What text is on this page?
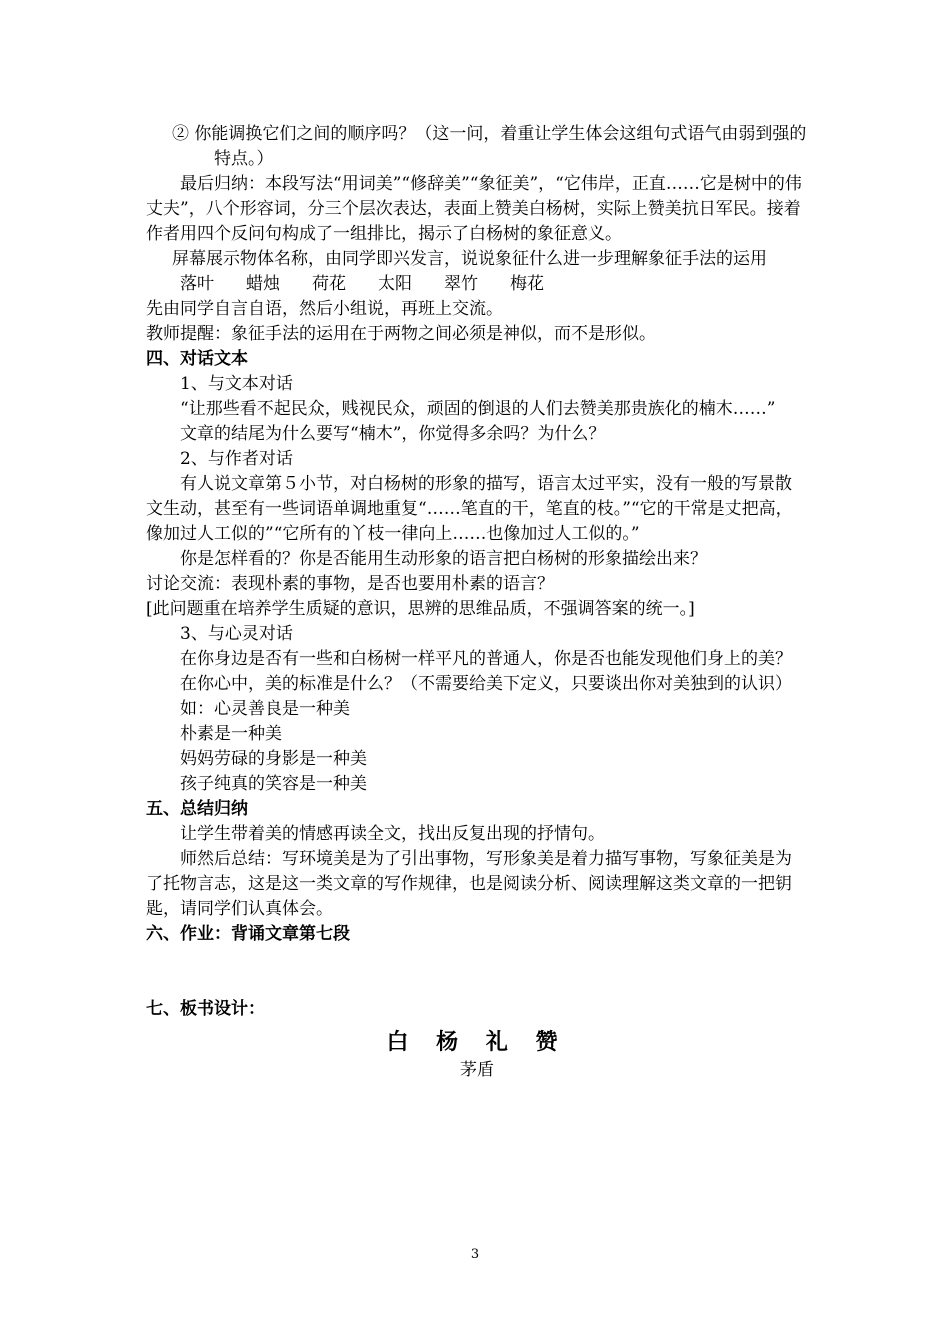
② 你能调换它们之间的顺序吗？（这一问，着重让学生体会这组句式语气由弱到强的特点。）

最后归纳：本段写法“用词美”“修辞美”“象征美”，“它伟岸，正直……它是树中的伟丈夫”，八个形容词，分三个层次表达，表面上赞美白杨树，实际上赞美抗日军民。接着作者用四个反问句构成了一组排比，揭示了白杨树的象征意义。

屏幕展示物体名称，由同学即兴发言，说说象征什么进一步理解象征手法的运用

落叶 蜡烛 荷花 太阳 翠竹 梅花

先由同学自言自语，然后小组说，再班上交流。

教师提醒：象征手法的运用在于两物之间必须是神似，而不是形似。

四、对话文本

1、与文本对话

“让那些看不起民众，贱视民众，顽固的倒退的人们去赞美那贵族化的楠木……”

文章的结尾为什么要写“楠木”，你觉得多余吗？为什么？

2、与作者对话

有人说文章第５小节，对白杨树的形象的描写，语言太过平实，没有一般的写景散文生动，甚至有一些词语单调地重复“……笔直的干，笔直的枝。”“它的干常是丈把高，像加过人工似的”“它所有的丫枝一律向上……也像加过人工似的。”

你是怎样看的？你是否能用生动形象的语言把白杨树的形象描绘出来？

讨论交流：表现朴素的事物，是否也要用朴素的语言？

[此问题重在培养学生质疑的意识，思辨的思维品质，不强调答案的统一。]

3、与心灵对话

在你身边是否有一些和白杨树一样平凡的普通人，你是否也能发现他们身上的美？

在你心中，美的标准是什么？（不需要给美下定义，只要谈出你对美独到的认识）

如：心灵善良是一种美

朴素是一种美

妈妈劳碌的身影是一种美

孩子纯真的笑容是一种美

五、总结归纳

让学生带着美的情感再读全文，找出反复出现的抒情句。

师然后总结：写环境美是为了引出事物，写形象美是着力描写事物，写象征美是为了托物言志，这是这一类文章的写作规律，也是阅读分析、阅读理解这类文章的一把钥匙，请同学们认真体会。

六、作业：背诵文章第七段

七、板书设计：

白 杨 礼 赞

茅盾

3
